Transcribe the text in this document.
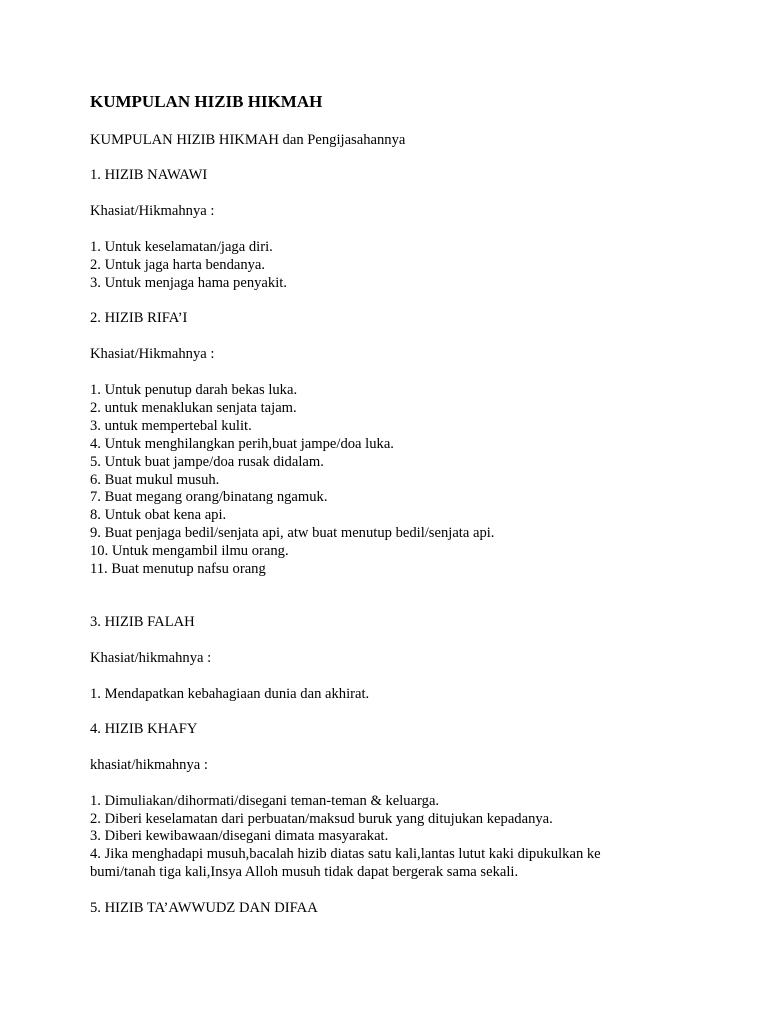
KUMPULAN HIZIB HIKMAH
KUMPULAN HIZIB HIKMAH dan Pengijasahannya
1. HIZIB NAWAWI
Khasiat/Hikmahnya :
1. Untuk keselamatan/jaga diri.
2. Untuk jaga harta bendanya.
3. Untuk menjaga hama penyakit.
2. HIZIB RIFA’I
Khasiat/Hikmahnya :
1. Untuk penutup darah bekas luka.
2. untuk menaklukan senjata tajam.
3. untuk mempertebal kulit.
4. Untuk menghilangkan perih,buat jampe/doa luka.
5. Untuk buat jampe/doa rusak didalam.
6. Buat mukul musuh.
7. Buat megang orang/binatang ngamuk.
8. Untuk obat kena api.
9. Buat penjaga bedil/senjata api, atw buat menutup bedil/senjata api.
10. Untuk mengambil ilmu orang.
11. Buat menutup nafsu orang
3. HIZIB FALAH
Khasiat/hikmahnya :
1. Mendapatkan kebahagiaan dunia dan akhirat.
4. HIZIB KHAFY
khasiat/hikmahnya :
1. Dimuliakan/dihormati/disegani teman-teman & keluarga.
2. Diberi keselamatan dari perbuatan/maksud buruk yang ditujukan kepadanya.
3. Diberi kewibawaan/disegani dimata masyarakat.
4. Jika menghadapi musuh,bacalah hizib diatas satu kali,lantas lutut kaki dipukulkan ke
bumi/tanah tiga kali,Insya Alloh musuh tidak dapat bergerak sama sekali.
5. HIZIB TA’AWWUDZ DAN DIFAA
